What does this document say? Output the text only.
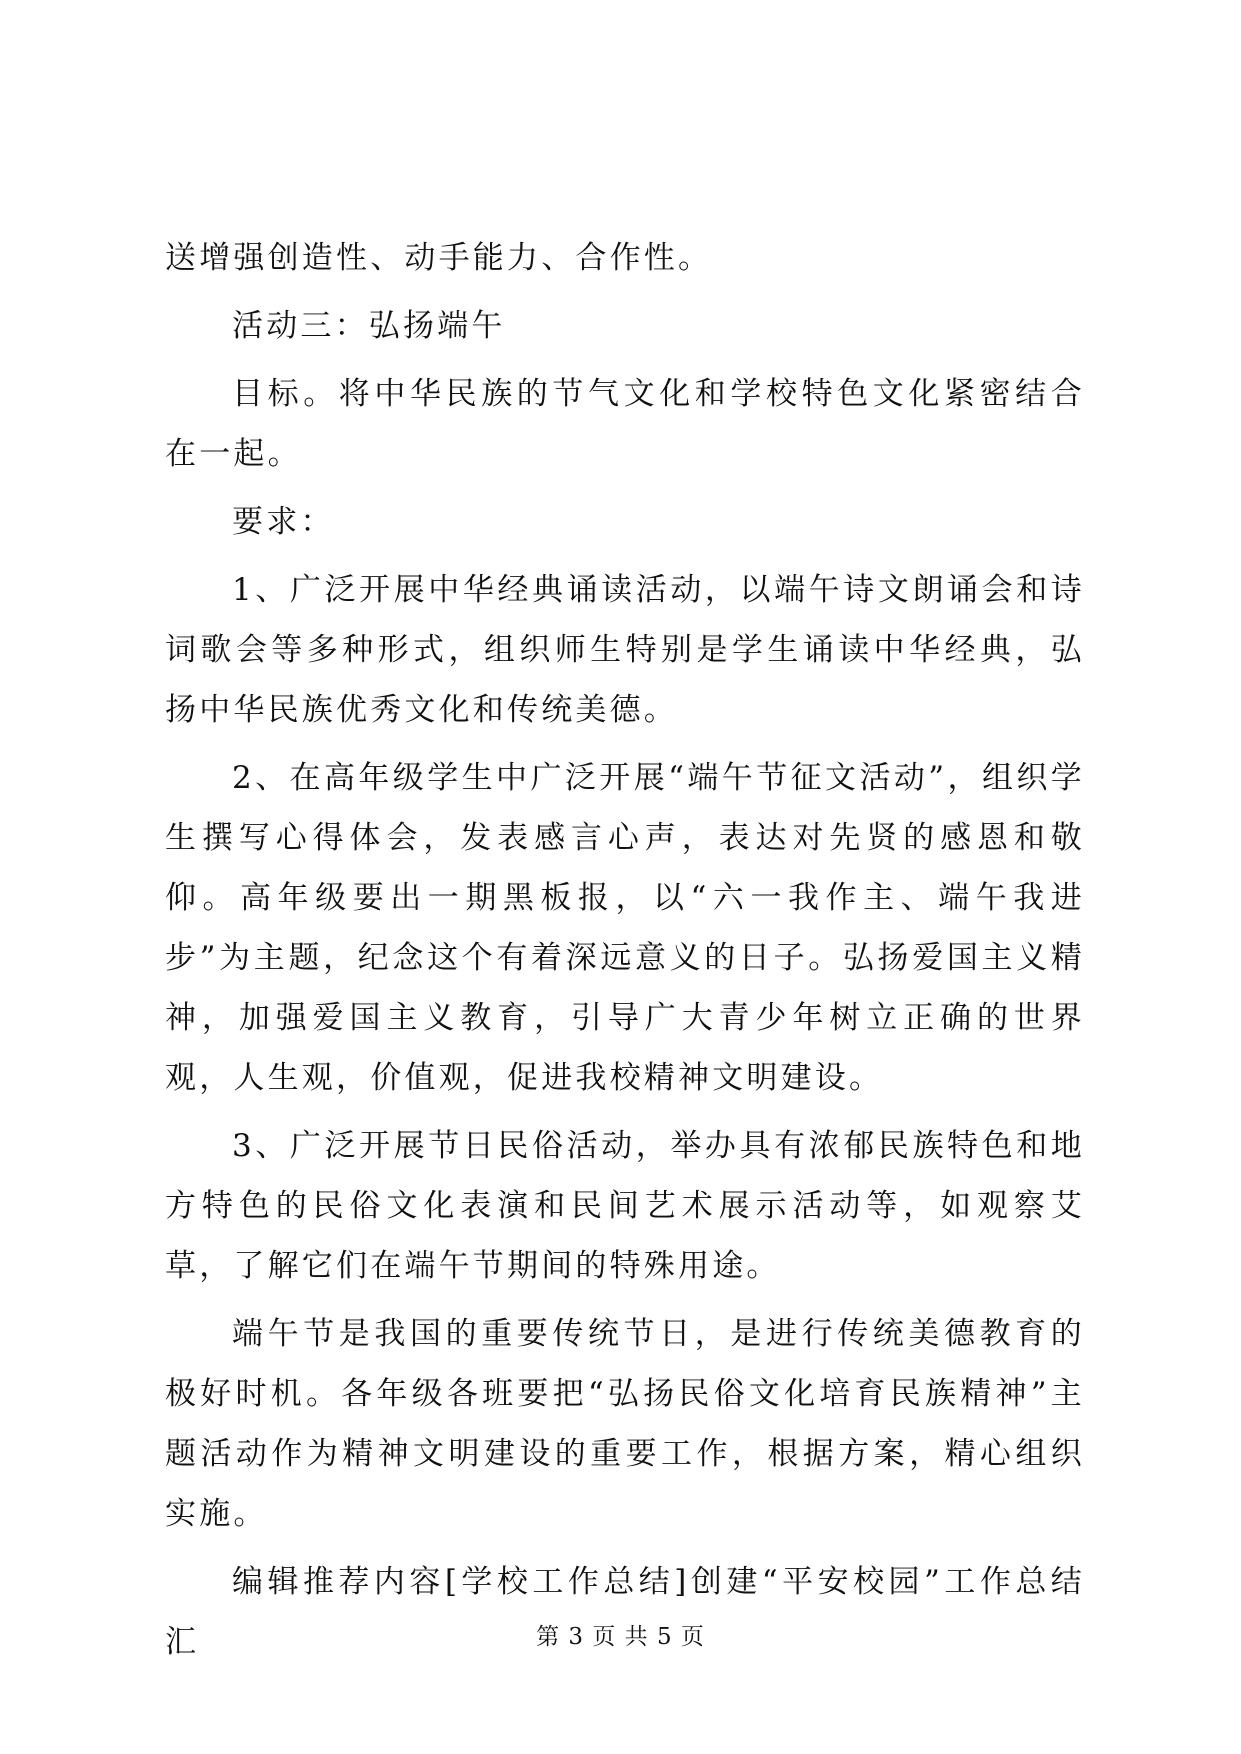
送增强创造性、动手能力、合作性。

活动三：弘扬端午

目标。将中华民族的节气文化和学校特色文化紧密结合在一起。

要求：

1、广泛开展中华经典诵读活动，以端午诗文朗诵会和诗词歌会等多种形式，组织师生特别是学生诵读中华经典，弘扬中华民族优秀文化和传统美德。

2、在高年级学生中广泛开展“端午节征文活动”，组织学生撰写心得体会，发表感言心声，表达对先贤的感恩和敬仰。高年级要出一期黑板报，以“六一我作主、端午我进步”为主题，纪念这个有着深远意义的日子。弘扬爱国主义精神，加强爱国主义教育，引导广大青少年树立正确的世界观，人生观，价值观，促进我校精神文明建设。

3、广泛开展节日民俗活动，举办具有浓郁民族特色和地方特色的民俗文化表演和民间艺术展示活动等，如观察艾草，了解它们在端午节期间的特殊用途。

端午节是我国的重要传统节日，是进行传统美德教育的极好时机。各年级各班要把“弘扬民俗文化培育民族精神”主题活动作为精神文明建设的重要工作，根据方案，精心组织实施。

编辑推荐内容[学校工作总结]创建“平安校园”工作总结汇	第 3 页 共 5 页
